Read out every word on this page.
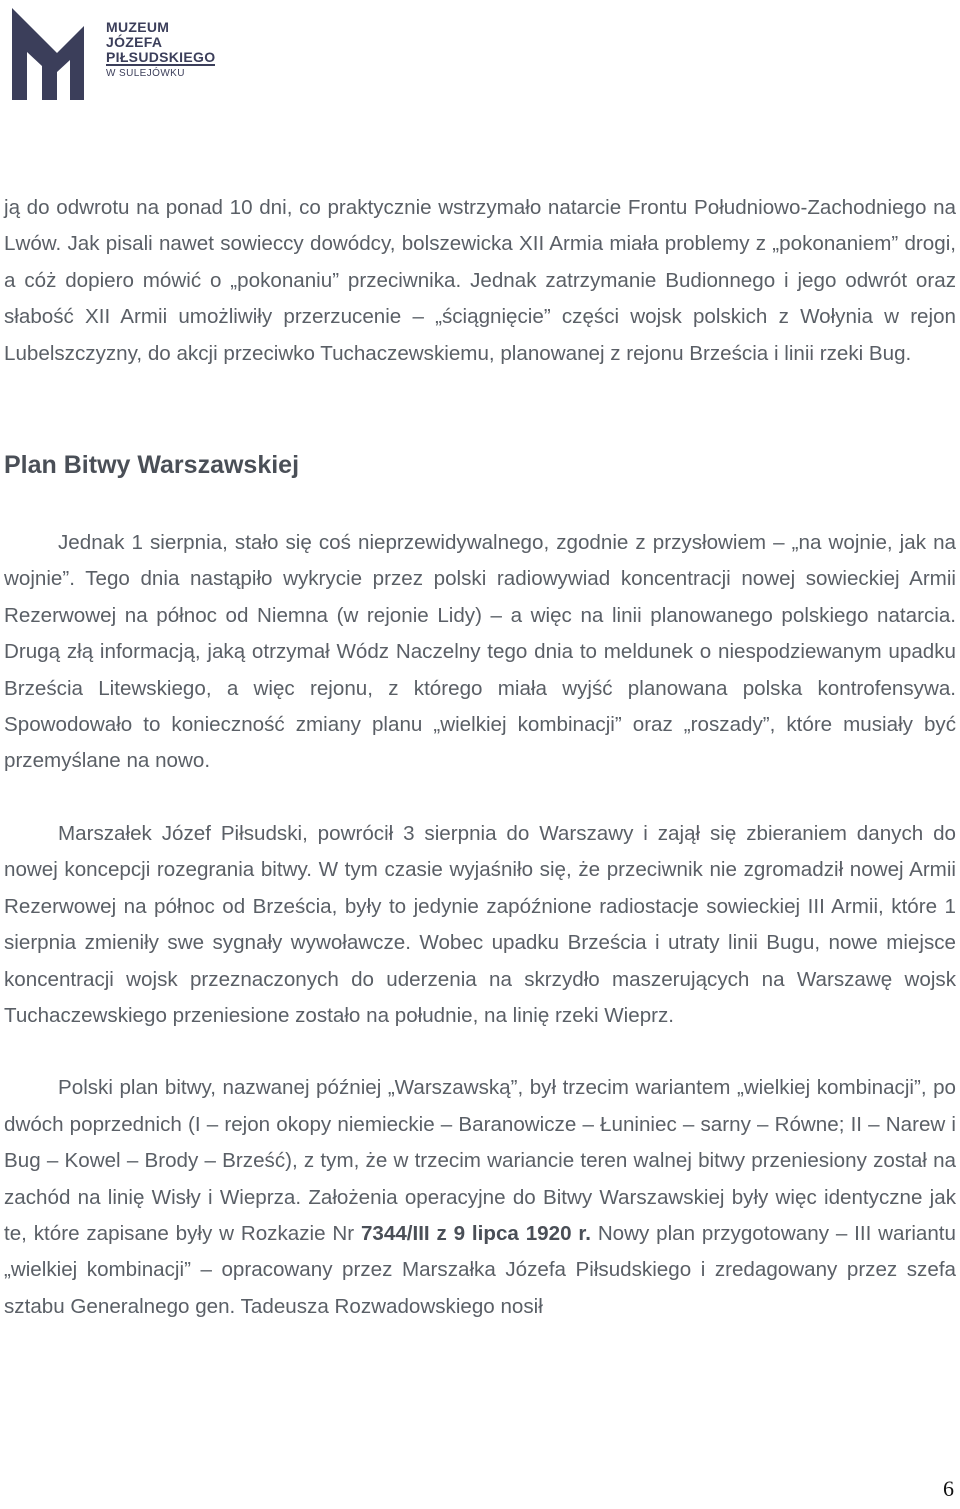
MUZEUM
JÓZEFA
PIŁSUDSKIEGO
W SULEJÓWKU

ją do odwrotu na ponad 10 dni, co praktycznie wstrzymało natarcie Frontu Południowo-Zachodniego na Lwów. Jak pisali nawet sowieccy dowódcy, bolszewicka XII Armia miała problemy z „pokonaniem” drogi, a cóż dopiero mówić o „pokonaniu” przeciwnika. Jednak zatrzymanie Budionnego i jego odwrót oraz słabość XII Armii umożliwiły przerzucenie – „ściągnięcie” części wojsk polskich z Wołynia w rejon Lubelszczyzny, do akcji przeciwko Tuchaczewskiemu, planowanej z rejonu Brześcia i linii rzeki Bug.

Plan Bitwy Warszawskiej

Jednak 1 sierpnia, stało się coś nieprzewidywalnego, zgodnie z przysłowiem – „na wojnie, jak na wojnie”. Tego dnia nastąpiło wykrycie przez polski radiowywiad koncentracji nowej sowieckiej Armii Rezerwowej na północ od Niemna (w rejonie Lidy) – a więc na linii planowanego polskiego natarcia. Drugą złą informacją, jaką otrzymał Wódz Naczelny tego dnia to meldunek o niespodziewanym upadku Brześcia Litewskiego, a więc rejonu, z którego miała wyjść planowana polska kontrofensywa. Spowodowało to konieczność zmiany planu „wielkiej kombinacji” oraz „roszady”, które musiały być przemyślane na nowo.

Marszałek Józef Piłsudski, powrócił 3 sierpnia do Warszawy i zajął się zbieraniem danych do nowej koncepcji rozegrania bitwy. W tym czasie wyjaśniło się, że przeciwnik nie zgromadził nowej Armii Rezerwowej na północ od Brześcia, były to jedynie zapóźnione radiostacje sowieckiej III Armii, które 1 sierpnia zmieniły swe sygnały wywoławcze. Wobec upadku Brześcia i utraty linii Bugu, nowe miejsce koncentracji wojsk przeznaczonych do uderzenia na skrzydło maszerujących na Warszawę wojsk Tuchaczewskiego przeniesione zostało na południe, na linię rzeki Wieprz.

Polski plan bitwy, nazwanej później „Warszawską”, był trzecim wariantem „wielkiej kombinacji”, po dwóch poprzednich (I – rejon okopy niemieckie – Baranowicze – Łuniniec – sarny – Równe; II – Narew i Bug – Kowel – Brody – Brześć), z tym, że w trzecim wariancie teren walnej bitwy przeniesiony został na zachód na linię Wisły i Wieprza. Założenia operacyjne do Bitwy Warszawskiej były więc identyczne jak te, które zapisane były w Rozkazie Nr 7344/III z 9 lipca 1920 r. Nowy plan przygotowany – III wariantu „wielkiej kombinacji” – opracowany przez Marszałka Józefa Piłsudskiego i zredagowany przez szefa sztabu Generalnego gen. Tadeusza Rozwadowskiego nosił

6
